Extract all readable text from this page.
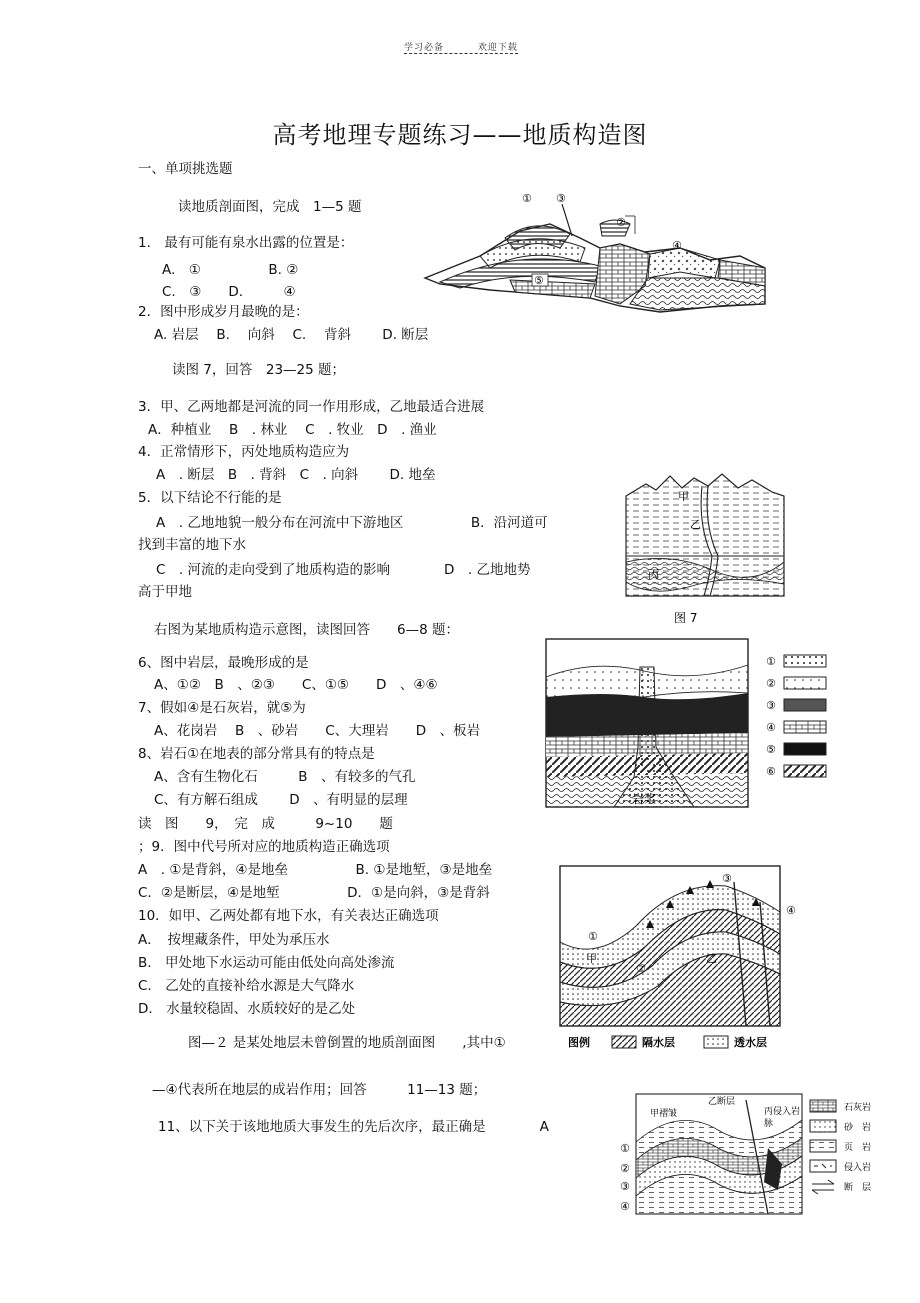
学习必备	欢迎下载
高考地理专题练习——地质构造图
一、单项挑选题
读地质剖面图，完成　1—5 题
1.　最有可能有泉水出露的位置是：
A.　①　　　　　B. ②
C.　③　　D.　　　④
2．图中形成岁月最晚的是：
A. 岩层　 B.　 向斜　 C.　 背斜　　 D. 断层
读图 7，回答　23—25 题；
3．甲、乙两地都是河流的同一作用形成，乙地最适合进展
A．种植业　 B　. 林业　 C　. 牧业　D　. 渔业
4．正常情形下，丙处地质构造应为
A　. 断层　B　. 背斜　C　. 向斜　　 D. 地垒
5．以下结论不行能的是
A　. 乙地地貌一般分布在河流中下游地区　　　　　B．沿河道可
找到丰富的地下水
C　. 河流的走向受到了地质构造的影响　　　　D　. 乙地地势
高于甲地
右图为某地质构造示意图，读图回答　　6—8 题：
6、图中岩层，最晚形成的是
A、①②　B　、②③　　C、①⑤　　D　、④⑥
7、假如④是石灰岩，就⑤为
A、花岗岩　 B　、砂岩　　C、大理岩　　D　、板岩
8、岩石①在地表的部分常具有的特点是
A、含有生物化石　　　B　、有较多的气孔
C、有方解石组成　　 D　、有明显的层理
读　图　　9，　完　成　　　9~10　　题
；9．图中代号所对应的地质构造正确选项
A　. ①是背斜，④是地垒　　　　　B. ①是地堑，③是地垒
C．②是断层，④是地堑　　　　　D．①是向斜，③是背斜
10．如甲、乙两处都有地下水，有关表达正确选项
A．　按埋藏条件，甲处为承压水
B.　甲处地下水运动可能由低处向高处渗流
C.　乙处的直接补给水源是大气降水
D.　水量较稳固、水质较好的是乙处
图—２ 是某处地层未曾倒置的地质剖面图　　,其中①
—④代表所在地层的成岩作用；回答　　　11—13 题；
11、以下关于该地地质大事发生的先后次序，最正确是　　　　A
① ③
②
④
⑤
甲
乙
丙
图 7
岩浆
①
②
③
④
⑤
⑥
①
②
③
④
甲	乙
图例	隔水层	透水层
甲褶皱
乙断层
丙侵入岩
脉
①
②
③
④
石灰岩
砂　岩
页　岩
侵入岩
断　层
